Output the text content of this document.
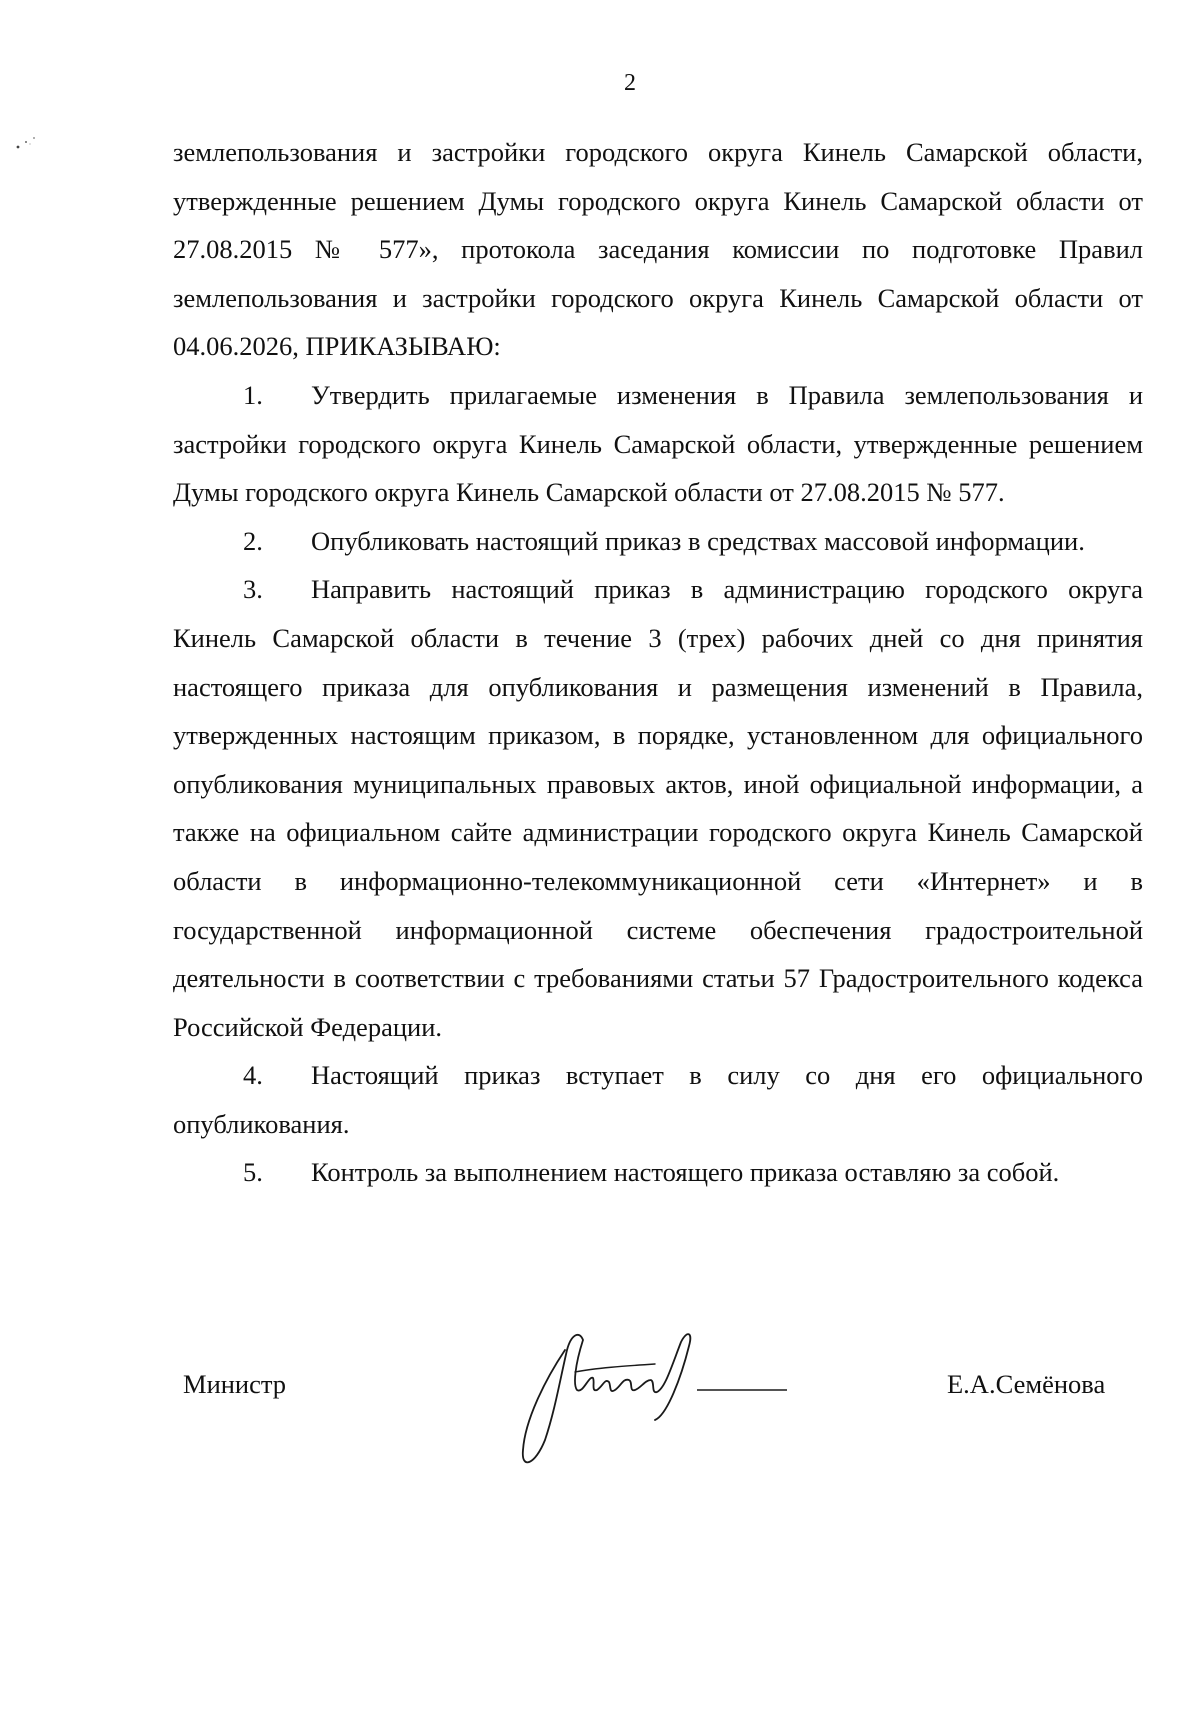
2

землепользования и застройки городского округа Кинель Самарской области, утвержденные решением Думы городского округа Кинель Самарской области от 27.08.2015 № 577», протокола заседания комиссии по подготовке Правил землепользования и застройки городского округа Кинель Самарской области от 04.06.2026, ПРИКАЗЫВАЮ:

1. Утвердить прилагаемые изменения в Правила землепользования и застройки городского округа Кинель Самарской области, утвержденные решением Думы городского округа Кинель Самарской области от 27.08.2015 № 577.

2. Опубликовать настоящий приказ в средствах массовой информации.

3. Направить настоящий приказ в администрацию городского округа Кинель Самарской области в течение 3 (трех) рабочих дней со дня принятия настоящего приказа для опубликования и размещения изменений в Правила, утвержденных настоящим приказом, в порядке, установленном для официального опубликования муниципальных правовых актов, иной официальной информации, а также на официальном сайте администрации городского округа Кинель Самарской области в информационно-телекоммуникационной сети «Интернет» и в государственной информационной системе обеспечения градостроительной деятельности в соответствии с требованиями статьи 57 Градостроительного кодекса Российской Федерации.

4. Настоящий приказ вступает в силу со дня его официального опубликования.

5. Контроль за выполнением настоящего приказа оставляю за собой.

Министр	Е.А.Семёнова
